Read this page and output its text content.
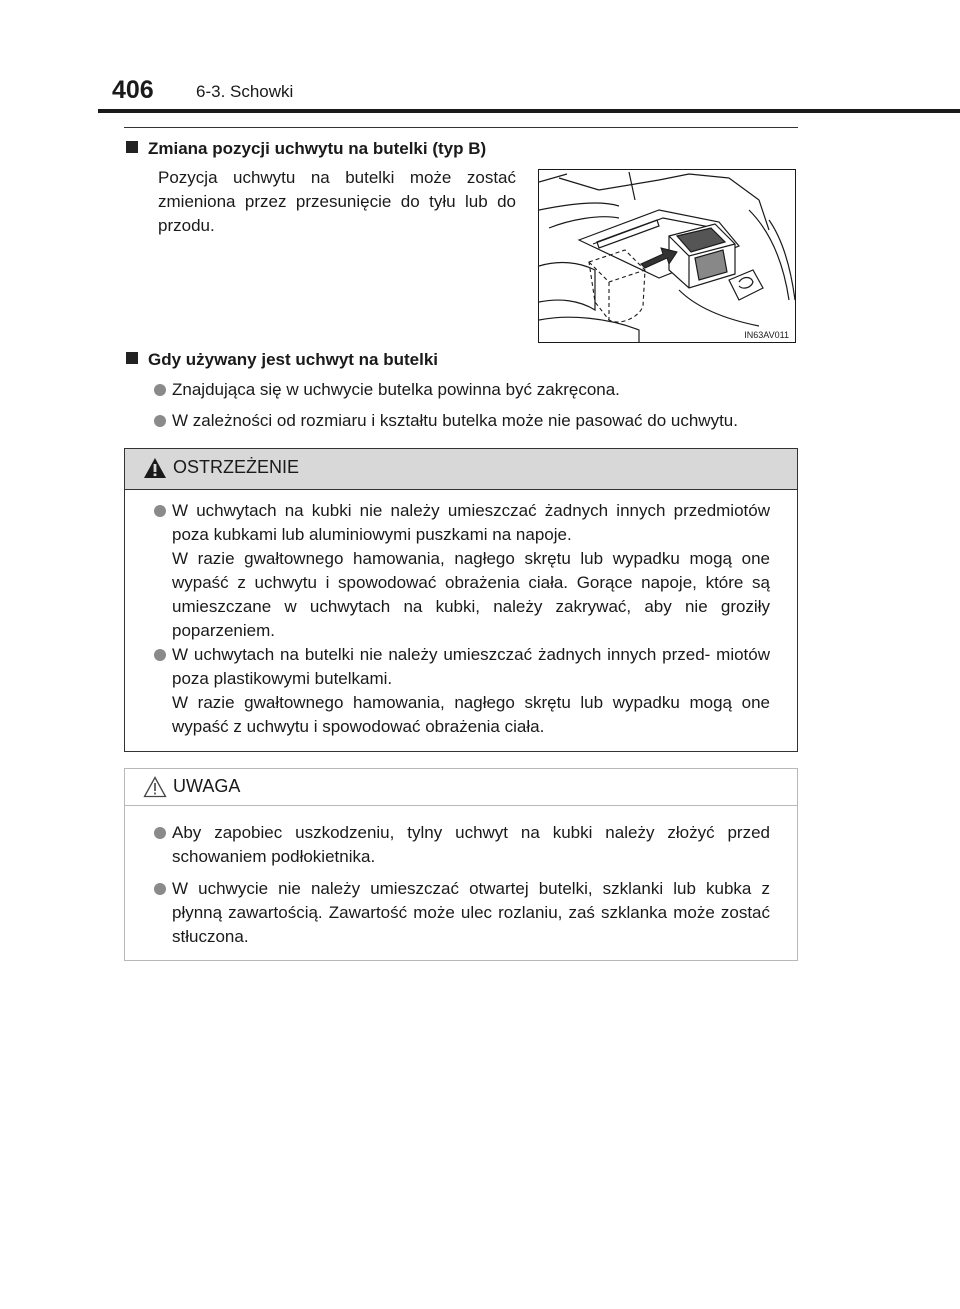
406 6-3. Schowki
Zmiana pozycji uchwytu na butelki (typ B)
Pozycja uchwytu na butelki może zostać zmieniona przez przesunięcie do tyłu lub do przodu.
IN63AV011
Gdy używany jest uchwyt na butelki
Znajdująca się w uchwycie butelka powinna być zakręcona.
W zależności od rozmiaru i kształtu butelka może nie pasować do uchwytu.
OSTRZEŻENIE
W uchwytach na kubki nie należy umieszczać żadnych innych przedmiotów poza kubkami lub aluminiowymi puszkami na napoje.
W razie gwałtownego hamowania, nagłego skrętu lub wypadku mogą one wypaść z uchwytu i spowodować obrażenia ciała. Gorące napoje, które są umieszczane w uchwytach na kubki, należy zakrywać, aby nie groziły poparzeniem.
W uchwytach na butelki nie należy umieszczać żadnych innych przed- miotów poza plastikowymi butelkami.
W razie gwałtownego hamowania, nagłego skrętu lub wypadku mogą one wypaść z uchwytu i spowodować obrażenia ciała.
UWAGA
Aby zapobiec uszkodzeniu, tylny uchwyt na kubki należy złożyć przed schowaniem podłokietnika.
W uchwycie nie należy umieszczać otwartej butelki, szklanki lub kubka z płynną zawartością. Zawartość może ulec rozlaniu, zaś szklanka może zostać stłuczona.
